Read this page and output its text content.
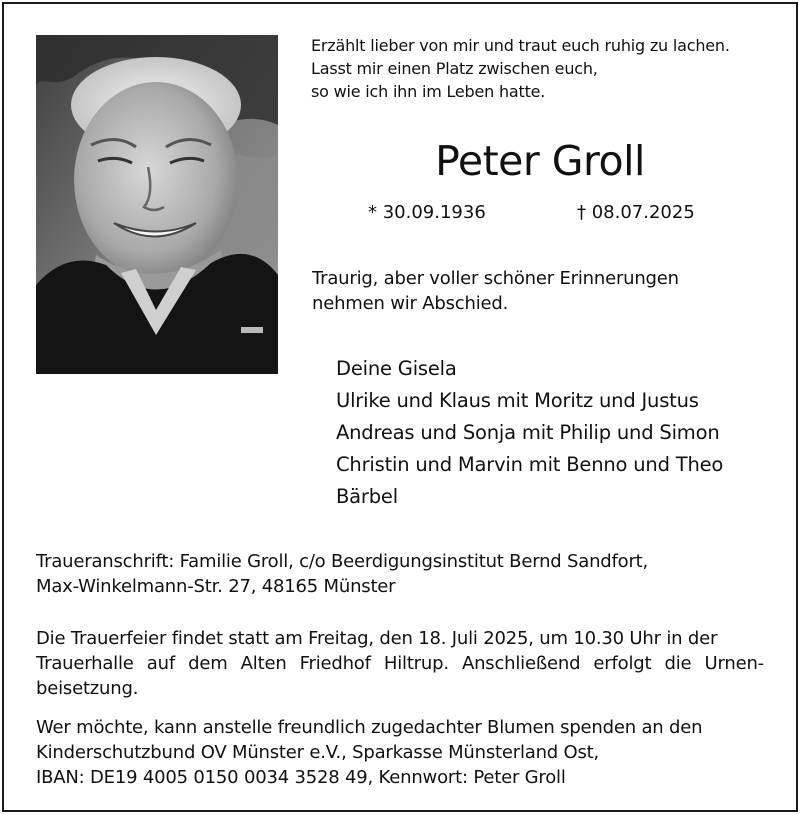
Erzählt lieber von mir und traut euch ruhig zu lachen.
Lasst mir einen Platz zwischen euch,
so wie ich ihn im Leben hatte.
Peter Groll
* 30.09.1936	† 08.07.2025
Traurig, aber voller schöner Erinnerungen
nehmen wir Abschied.
Deine Gisela
Ulrike und Klaus mit Moritz und Justus
Andreas und Sonja mit Philip und Simon
Christin und Marvin mit Benno und Theo
Bärbel
Traueranschrift: Familie Groll, c/o Beerdigungsinstitut Bernd Sandfort,
Max-Winkelmann-Str. 27, 48165 Münster
Die Trauerfeier findet statt am Freitag, den 18. Juli 2025, um 10.30 Uhr in der
Trauerhalle auf dem Alten Friedhof Hiltrup. Anschließend erfolgt die Urnen-
beisetzung.
Wer möchte, kann anstelle freundlich zugedachter Blumen spenden an den
Kinderschutzbund OV Münster e.V., Sparkasse Münsterland Ost,
IBAN: DE19 4005 0150 0034 3528 49, Kennwort: Peter Groll
